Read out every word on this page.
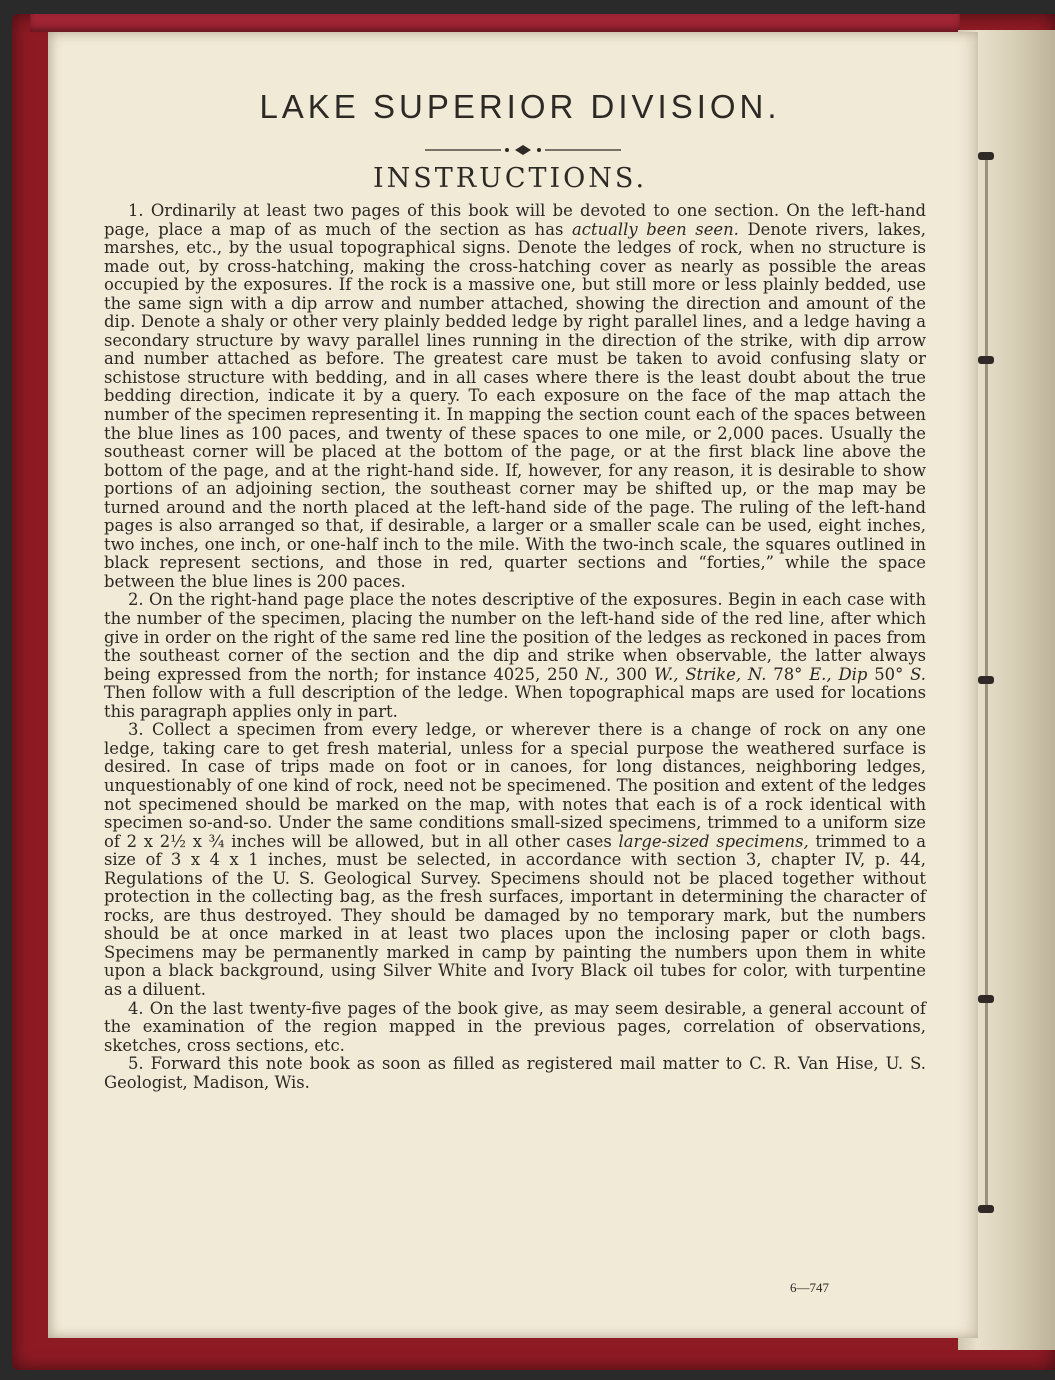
LAKE SUPERIOR DIVISION.
INSTRUCTIONS.

1. Ordinarily at least two pages of this book will be devoted to one section. On the left-hand page, place a map of as much of the section as has actually been seen. Denote rivers, lakes, marshes, etc., by the usual topographical signs. Denote the ledges of rock, when no structure is made out, by cross-hatching, making the cross-hatching cover as nearly as possible the areas occupied by the exposures. If the rock is a massive one, but still more or less plainly bedded, use the same sign with a dip arrow and number attached, showing the direction and amount of the dip. Denote a shaly or other very plainly bedded ledge by right parallel lines, and a ledge having a secondary structure by wavy parallel lines running in the direction of the strike, with dip arrow and number attached as before. The greatest care must be taken to avoid confusing slaty or schistose structure with bedding, and in all cases where there is the least doubt about the true bedding direction, indicate it by a query. To each exposure on the face of the map attach the number of the specimen representing it. In mapping the section count each of the spaces between the blue lines as 100 paces, and twenty of these spaces to one mile, or 2,000 paces. Usually the southeast corner will be placed at the bottom of the page, or at the first black line above the bottom of the page, and at the right-hand side. If, however, for any reason, it is desirable to show portions of an adjoining section, the southeast corner may be shifted up, or the map may be turned around and the north placed at the left-hand side of the page. The ruling of the left-hand pages is also arranged so that, if desirable, a larger or a smaller scale can be used, eight inches, two inches, one inch, or one-half inch to the mile. With the two-inch scale, the squares outlined in black represent sections, and those in red, quarter sections and “forties,” while the space between the blue lines is 200 paces.

2. On the right-hand page place the notes descriptive of the exposures. Begin in each case with the number of the specimen, placing the number on the left-hand side of the red line, after which give in order on the right of the same red line the position of the ledges as reckoned in paces from the southeast corner of the section and the dip and strike when observable, the latter always being expressed from the north; for instance 4025, 250 N., 300 W., Strike, N. 78° E., Dip 50° S. Then follow with a full description of the ledge. When topographical maps are used for locations this paragraph applies only in part.

3. Collect a specimen from every ledge, or wherever there is a change of rock on any one ledge, taking care to get fresh material, unless for a special purpose the weathered surface is desired. In case of trips made on foot or in canoes, for long distances, neighboring ledges, unquestionably of one kind of rock, need not be specimened. The position and extent of the ledges not specimened should be marked on the map, with notes that each is of a rock identical with specimen so-and-so. Under the same conditions small-sized specimens, trimmed to a uniform size of 2 x 2½ x ¾ inches will be allowed, but in all other cases large-sized specimens, trimmed to a size of 3 x 4 x 1 inches, must be selected, in accordance with section 3, chapter IV, p. 44, Regulations of the U. S. Geological Survey. Specimens should not be placed together without protection in the collecting bag, as the fresh surfaces, important in determining the character of rocks, are thus destroyed. They should be damaged by no temporary mark, but the numbers should be at once marked in at least two places upon the inclosing paper or cloth bags. Specimens may be permanently marked in camp by painting the numbers upon them in white upon a black background, using Silver White and Ivory Black oil tubes for color, with turpentine as a diluent.

4. On the last twenty-five pages of the book give, as may seem desirable, a general account of the examination of the region mapped in the previous pages, correlation of observations, sketches, cross sections, etc.

5. Forward this note book as soon as filled as registered mail matter to C. R. Van Hise, U. S. Geologist, Madison, Wis.

6—747
